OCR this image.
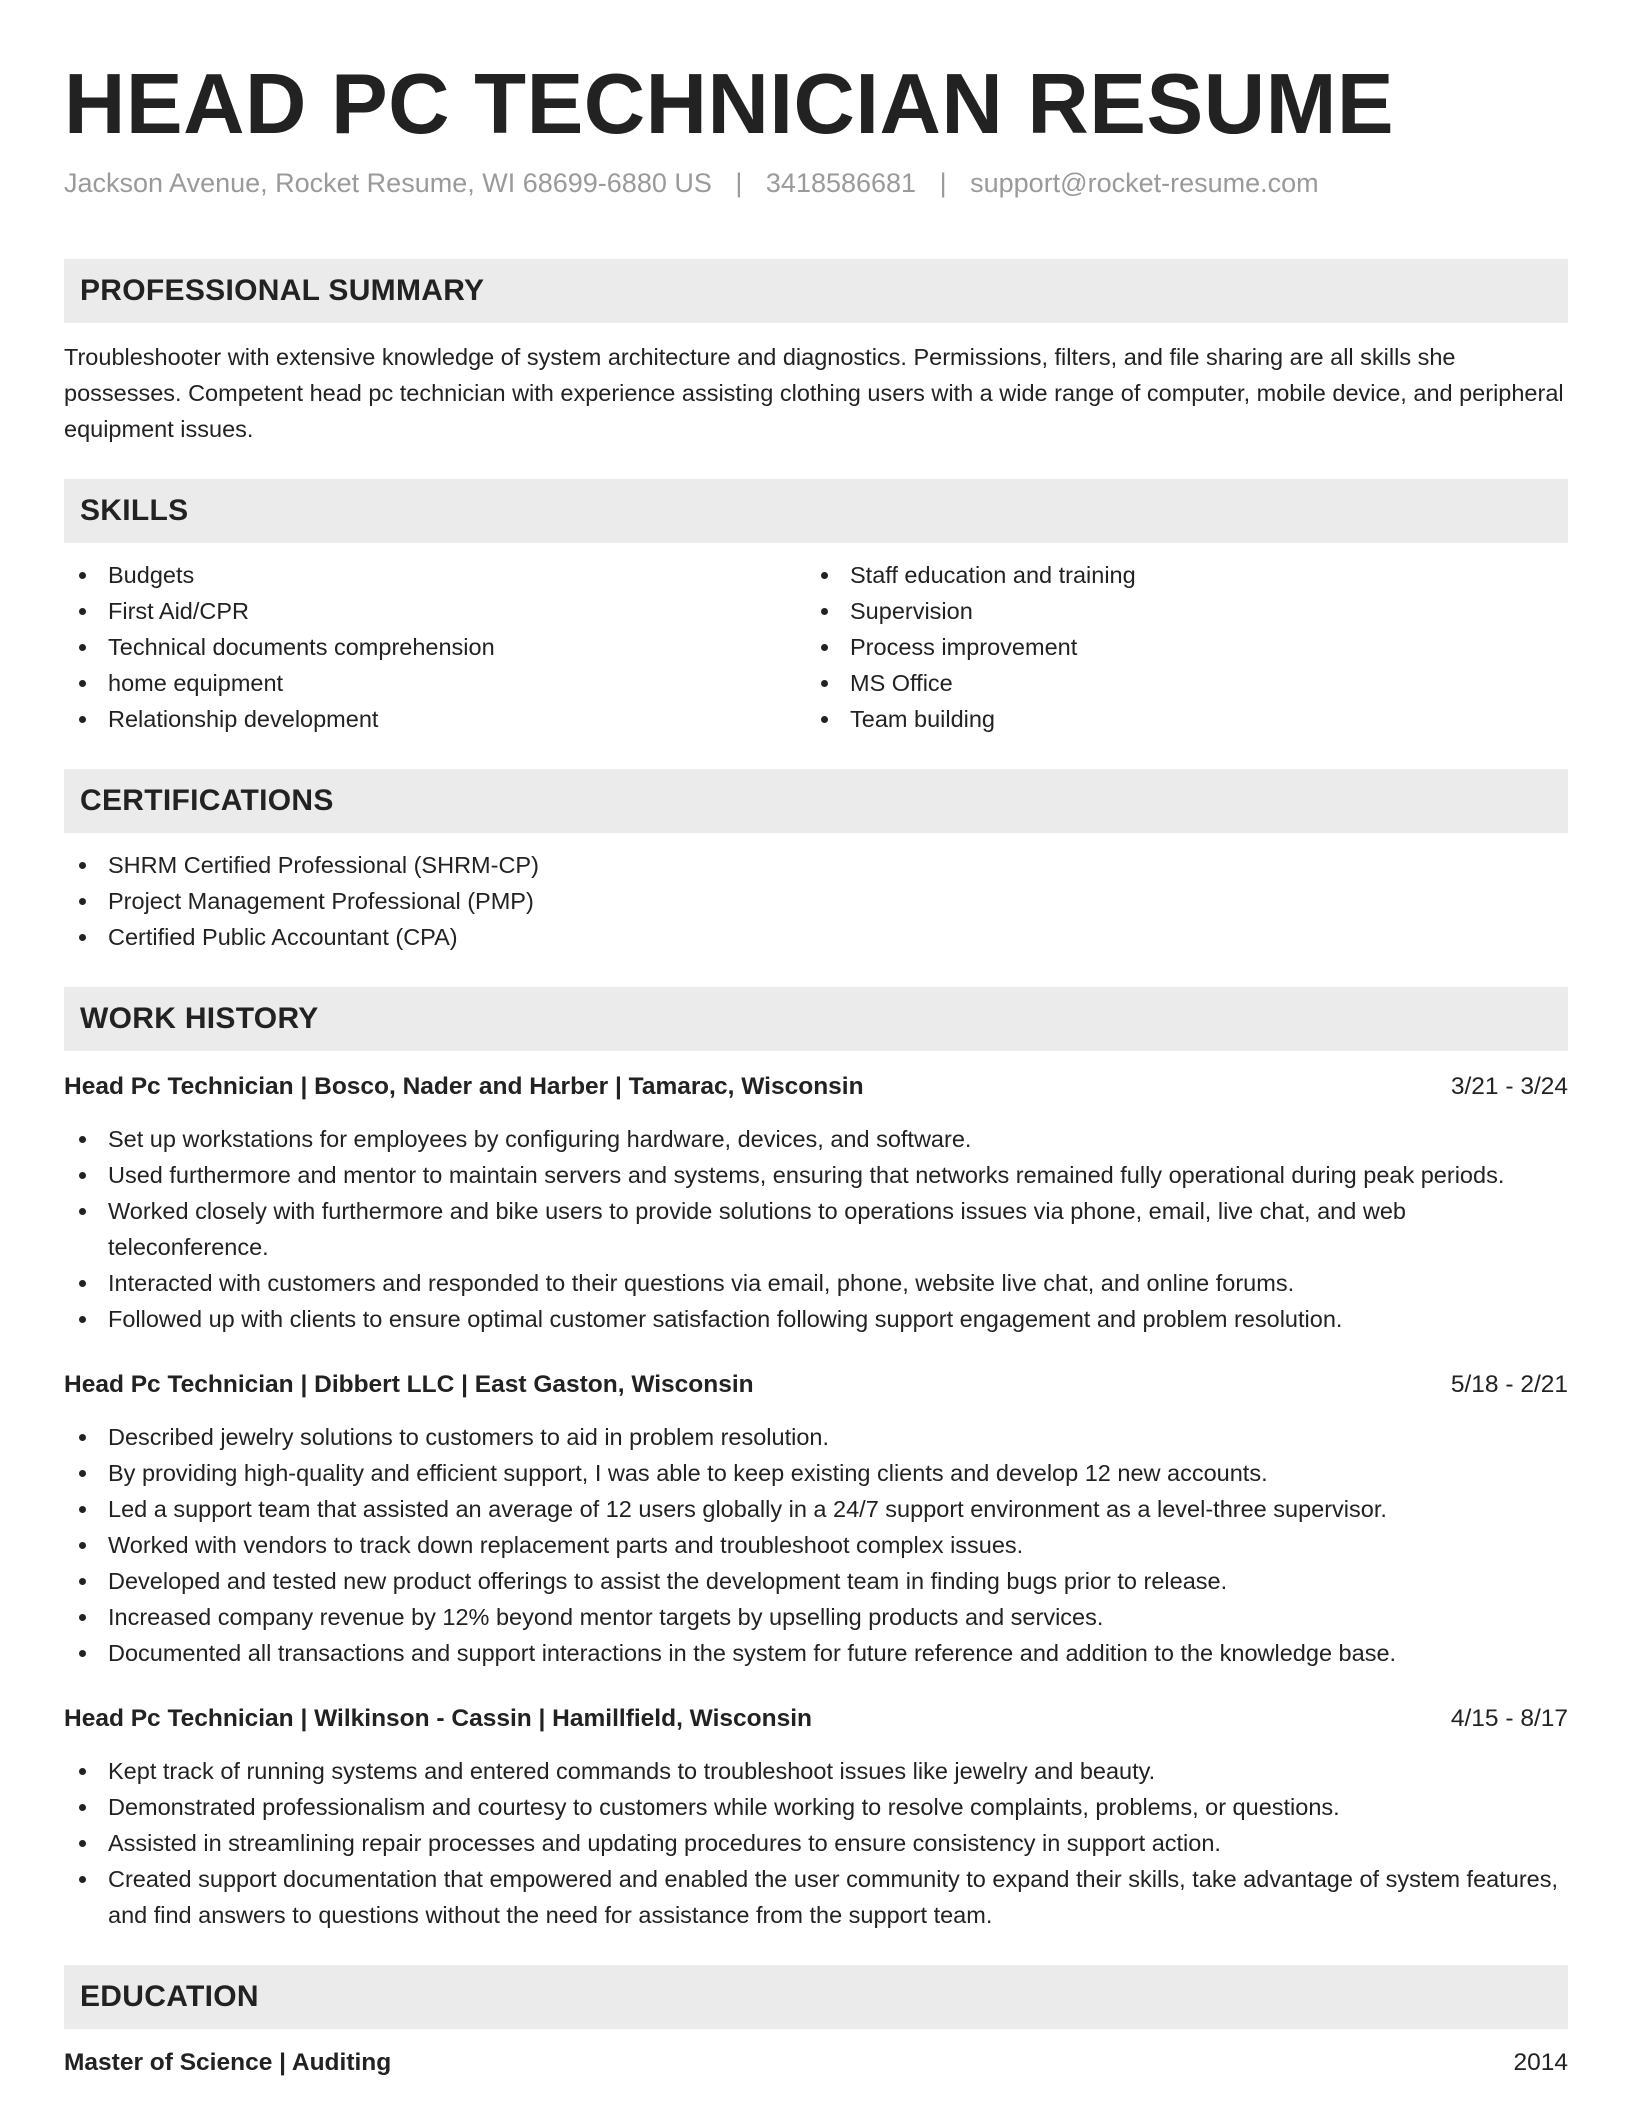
HEAD PC TECHNICIAN RESUME
Jackson Avenue, Rocket Resume, WI 68699-6880 US | 3418586681 | support@rocket-resume.com
PROFESSIONAL SUMMARY

Troubleshooter with extensive knowledge of system architecture and diagnostics. Permissions, filters, and file sharing are all skills she possesses. Competent head pc technician with experience assisting clothing users with a wide range of computer, mobile device, and peripheral equipment issues.

SKILLS
Budgets
First Aid/CPR
Technical documents comprehension
home equipment
Relationship development
Staff education and training
Supervision
Process improvement
MS Office
Team building
CERTIFICATIONS
SHRM Certified Professional (SHRM-CP)
Project Management Professional (PMP)
Certified Public Accountant (CPA)
WORK HISTORY
Head Pc Technician | Bosco, Nader and Harber | Tamarac, Wisconsin	3/21 - 3/24
Set up workstations for employees by configuring hardware, devices, and software.
Used furthermore and mentor to maintain servers and systems, ensuring that networks remained fully operational during peak periods.
Worked closely with furthermore and bike users to provide solutions to operations issues via phone, email, live chat, and web teleconference.
Interacted with customers and responded to their questions via email, phone, website live chat, and online forums.
Followed up with clients to ensure optimal customer satisfaction following support engagement and problem resolution.
Head Pc Technician | Dibbert LLC | East Gaston, Wisconsin	5/18 - 2/21
Described jewelry solutions to customers to aid in problem resolution.
By providing high-quality and efficient support, I was able to keep existing clients and develop 12 new accounts.
Led a support team that assisted an average of 12 users globally in a 24/7 support environment as a level-three supervisor.
Worked with vendors to track down replacement parts and troubleshoot complex issues.
Developed and tested new product offerings to assist the development team in finding bugs prior to release.
Increased company revenue by 12% beyond mentor targets by upselling products and services.
Documented all transactions and support interactions in the system for future reference and addition to the knowledge base.
Head Pc Technician | Wilkinson - Cassin | Hamillfield, Wisconsin	4/15 - 8/17
Kept track of running systems and entered commands to troubleshoot issues like jewelry and beauty.
Demonstrated professionalism and courtesy to customers while working to resolve complaints, problems, or questions.
Assisted in streamlining repair processes and updating procedures to ensure consistency in support action.
Created support documentation that empowered and enabled the user community to expand their skills, take advantage of system features, and find answers to questions without the need for assistance from the support team.
EDUCATION
Master of Science | Auditing	2014
